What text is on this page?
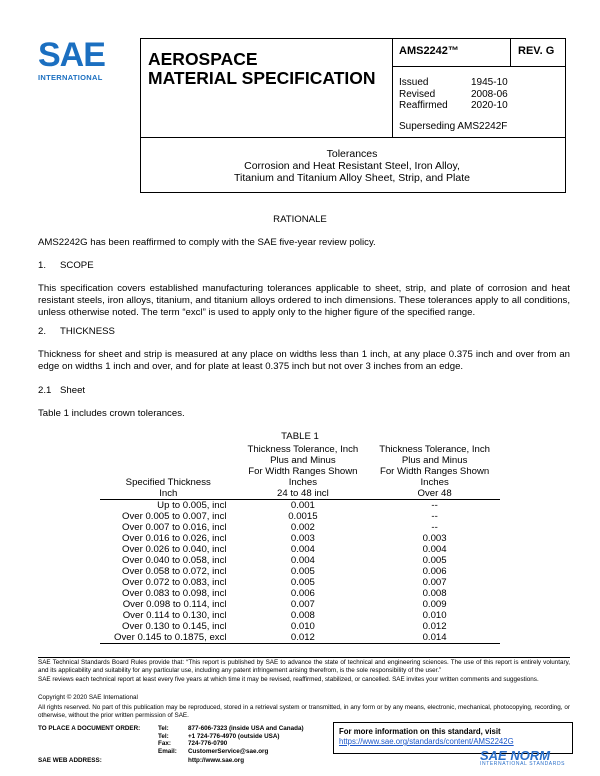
SAE
INTERNATIONAL
AEROSPACE
MATERIAL SPECIFICATION
AMS2242™	REV. G
Issued	1945-10
Revised	2008-06
Reaffirmed	2020-10
Superseding AMS2242F
Tolerances
Corrosion and Heat Resistant Steel, Iron Alloy,
Titanium and Titanium Alloy Sheet, Strip, and Plate
RATIONALE
AMS2242G has been reaffirmed to comply with the SAE five-year review policy.
1. SCOPE
This specification covers established manufacturing tolerances applicable to sheet, strip, and plate of corrosion and heat resistant steels, iron alloys, titanium, and titanium alloys ordered to inch dimensions. These tolerances apply to all conditions, unless otherwise noted. The term “excl” is used to apply only to the higher figure of the specified range.
2. THICKNESS
Thickness for sheet and strip is measured at any place on widths less than 1 inch, at any place 0.375 inch and over from an edge on widths 1 inch and over, and for plate at least 0.375 inch but not over 3 inches from an edge.
2.1 Sheet
Table 1 includes crown tolerances.
TABLE 1
	Thickness Tolerance, Inch	Thickness Tolerance, Inch
	Plus and Minus	Plus and Minus
	For Width Ranges Shown	For Width Ranges Shown
Specified Thickness	Inches	Inches
Inch	24 to 48 incl	Over 48
Up to 0.005, incl	0.001	--
Over 0.005 to 0.007, incl	0.0015	--
Over 0.007 to 0.016, incl	0.002	--
Over 0.016 to 0.026, incl	0.003	0.003
Over 0.026 to 0.040, incl	0.004	0.004
Over 0.040 to 0.058, incl	0.004	0.005
Over 0.058 to 0.072, incl	0.005	0.006
Over 0.072 to 0.083, incl	0.005	0.007
Over 0.083 to 0.098, incl	0.006	0.008
Over 0.098 to 0.114, incl	0.007	0.009
Over 0.114 to 0.130, incl	0.008	0.010
Over 0.130 to 0.145, incl	0.010	0.012
Over 0.145 to 0.1875, excl	0.012	0.014
SAE Technical Standards Board Rules provide that: “This report is published by SAE to advance the state of technical and engineering sciences. The use of this report is entirely voluntary, and its applicability and suitability for any particular use, including any patent infringement arising therefrom, is the sole responsibility of the user.”
SAE reviews each technical report at least every five years at which time it may be revised, reaffirmed, stabilized, or cancelled. SAE invites your written comments and suggestions.
Copyright © 2020 SAE International
All rights reserved. No part of this publication may be reproduced, stored in a retrieval system or transmitted, in any form or by any means, electronic, mechanical, photocopying, recording, or otherwise, without the prior written permission of SAE.
TO PLACE A DOCUMENT ORDER:	Tel:	877-606-7323 (inside USA and Canada)
Tel:	+1 724-776-4970 (outside USA)
Fax:	724-776-0790
Email: CustomerService@sae.org
SAE WEB ADDRESS:	http://www.sae.org
For more information on this standard, visit
https://www.sae.org/standards/content/AMS2242G
SAE NORM
INTERNATIONAL STANDARDS
